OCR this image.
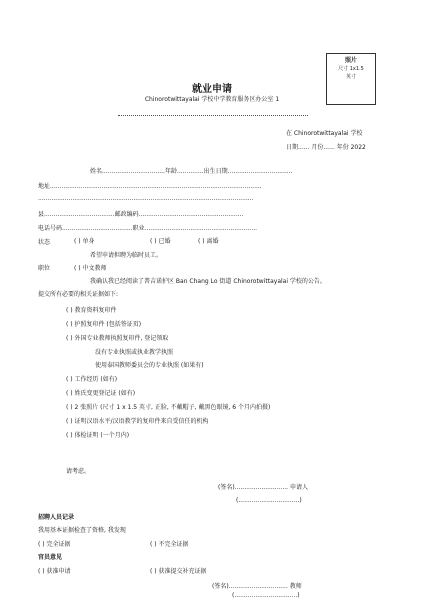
照片
尺寸 1x1.5
英寸
就业申请
Chinorotwittayalai 学校中学教育服务区办公室 1
在 Chinorotwittayalai 学校
日期...... 月份...... 年份 2022
姓名.................................年龄..............出生日期..................................
地址...............................................................................................................
.................................................................................................................
县.....................................邮政编码.......................................................
电话号码.....................................职业...........................................................
状态	( ) 单身	( ) 已婚	( ) 离婚
希望申请担聘为临时员工。
职位	( ) 中文教师
我确认我已经阅读了普吉诺护区 Ban Chang Lo 街道 Chinorotwittayalai 学校的公告。
提交所有必要的相关证据如下:
( ) 教育资料复印件
( ) 护照复印件 (包括签证页)
( ) 外国专业教师执照复印件, 登记领取
没有专业执照或执业教学执照
使用泰国教师委员会的专业执照 (如果有)
( ) 工作经历 (如有)
( ) 姓氏变更登记证 (如有)
( ) 2 张照片 (尺寸 1 x 1.5 英寸, 正脸, 不戴帽子, 戴黑色眼镜, 6 个月内拍摄)
( ) 证明汉语水平/汉语教学的复印件来自受信任的机构
( ) 体检证明 (一个月内)
请考虑。
(签名)............................ 申请人
(................................)
招聘人员记录
我用基本证据检查了资格, 我发现
( ) 完全证据	( ) 不完全证据
官员意见
( ) 获准申请	( ) 获准提交补充证据
(签名)............................... 教师
(.................................)
